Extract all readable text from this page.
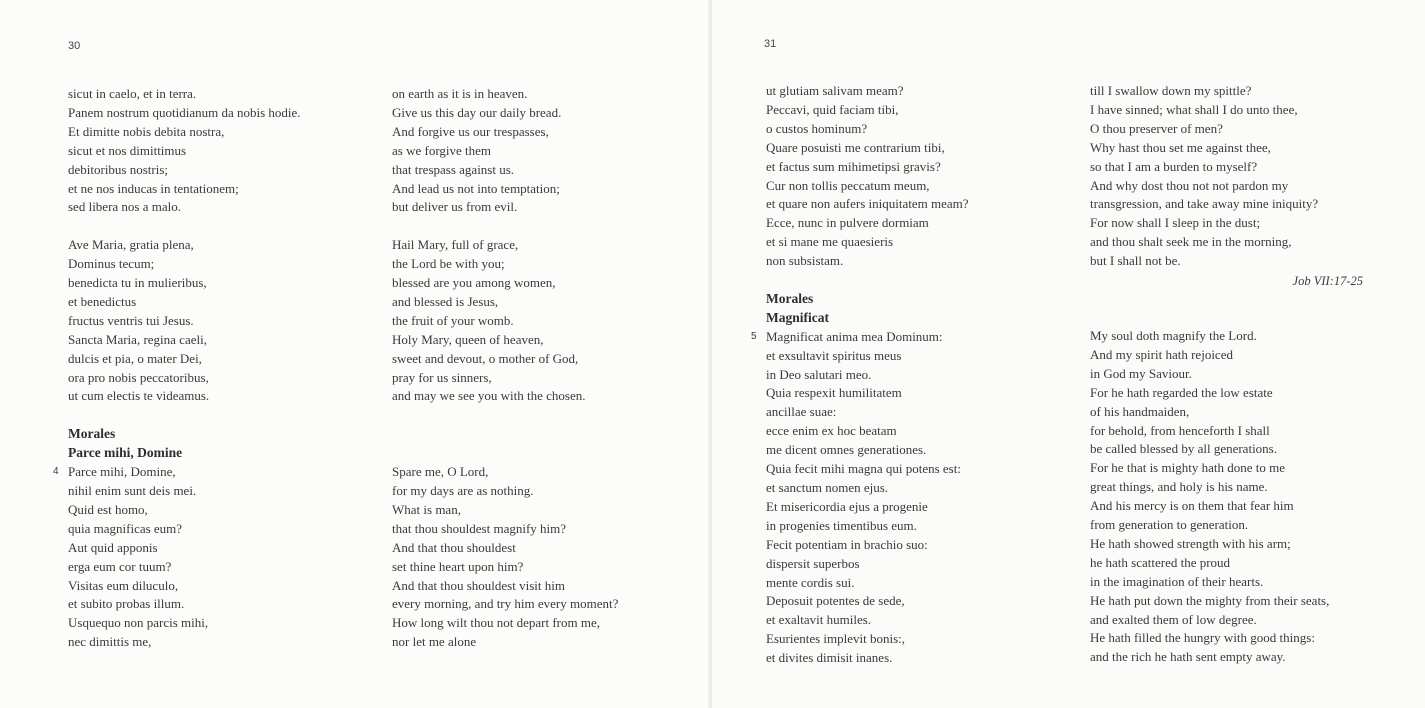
30
sicut in caelo, et in terra.
Panem nostrum quotidianum da nobis hodie.
Et dimitte nobis debita nostra,
sicut et nos dimittimus
debitoribus nostris;
et ne nos inducas in tentationem;
sed libera nos a malo.
Ave Maria, gratia plena,
Dominus tecum;
benedicta tu in mulieribus,
et benedictus
fructus ventris tui Jesus.
Sancta Maria, regina caeli,
dulcis et pia, o mater Dei,
ora pro nobis peccatoribus,
ut cum electis te videamus.
Morales
Parce mihi, Domine
4 Parce mihi, Domine,
nihil enim sunt deis mei.
Quid est homo,
quia magnificas eum?
Aut quid apponis
erga eum cor tuum?
Visitas eum diluculo,
et subito probas illum.
Usquequo non parcis mihi,
nec dimittis me,
on earth as it is in heaven.
Give us this day our daily bread.
And forgive us our trespasses,
as we forgive them
that trespass against us.
And lead us not into temptation;
but deliver us from evil.
Hail Mary, full of grace,
the Lord be with you;
blessed are you among women,
and blessed is Jesus,
the fruit of your womb.
Holy Mary, queen of heaven,
sweet and devout, o mother of God,
pray for us sinners,
and may we see you with the chosen.
Spare me, O Lord,
for my days are as nothing.
What is man,
that thou shouldest magnify him?
And that thou shouldest
set thine heart upon him?
And that thou shouldest visit him
every morning, and try him every moment?
How long wilt thou not depart from me,
nor let me alone
31
ut glutiam salivam meam?
Peccavi, quid faciam tibi,
o custos hominum?
Quare posuisti me contrarium tibi,
et factus sum mihimetipsi gravis?
Cur non tollis peccatum meum,
et quare non aufers iniquitatem meam?
Ecce, nunc in pulvere dormiam
et si mane me quaesieris
non subsistam.
Morales
Magnificat
5 Magnificat anima mea Dominum:
et exsultavit spiritus meus
in Deo salutari meo.
Quia respexit humilitatem
ancillae suae:
ecce enim ex hoc beatam
me dicent omnes generationes.
Quia fecit mihi magna qui potens est:
et sanctum nomen ejus.
Et misericordia ejus a progenie
in progenies timentibus eum.
Fecit potentiam in brachio suo:
dispersit superbos
mente cordis sui.
Deposuit potentes de sede,
et exaltavit humiles.
Esurientes implevit bonis:,
et divites dimisit inanes.
till I swallow down my spittle?
I have sinned; what shall I do unto thee,
O thou preserver of men?
Why hast thou set me against thee,
so that I am a burden to myself?
And why dost thou not not pardon my
transgression, and take away mine iniquity?
For now shall I sleep in the dust;
and thou shalt seek me in the morning,
but I shall not be.
Job VII:17-25
My soul doth magnify the Lord.
And my spirit hath rejoiced
in God my Saviour.
For he hath regarded the low estate
of his handmaiden,
for behold, from henceforth I shall
be called blessed by all generations.
For he that is mighty hath done to me
great things, and holy is his name.
And his mercy is on them that fear him
from generation to generation.
He hath showed strength with his arm;
he hath scattered the proud
in the imagination of their hearts.
He hath put down the mighty from their seats,
and exalted them of low degree.
He hath filled the hungry with good things:
and the rich he hath sent empty away.
